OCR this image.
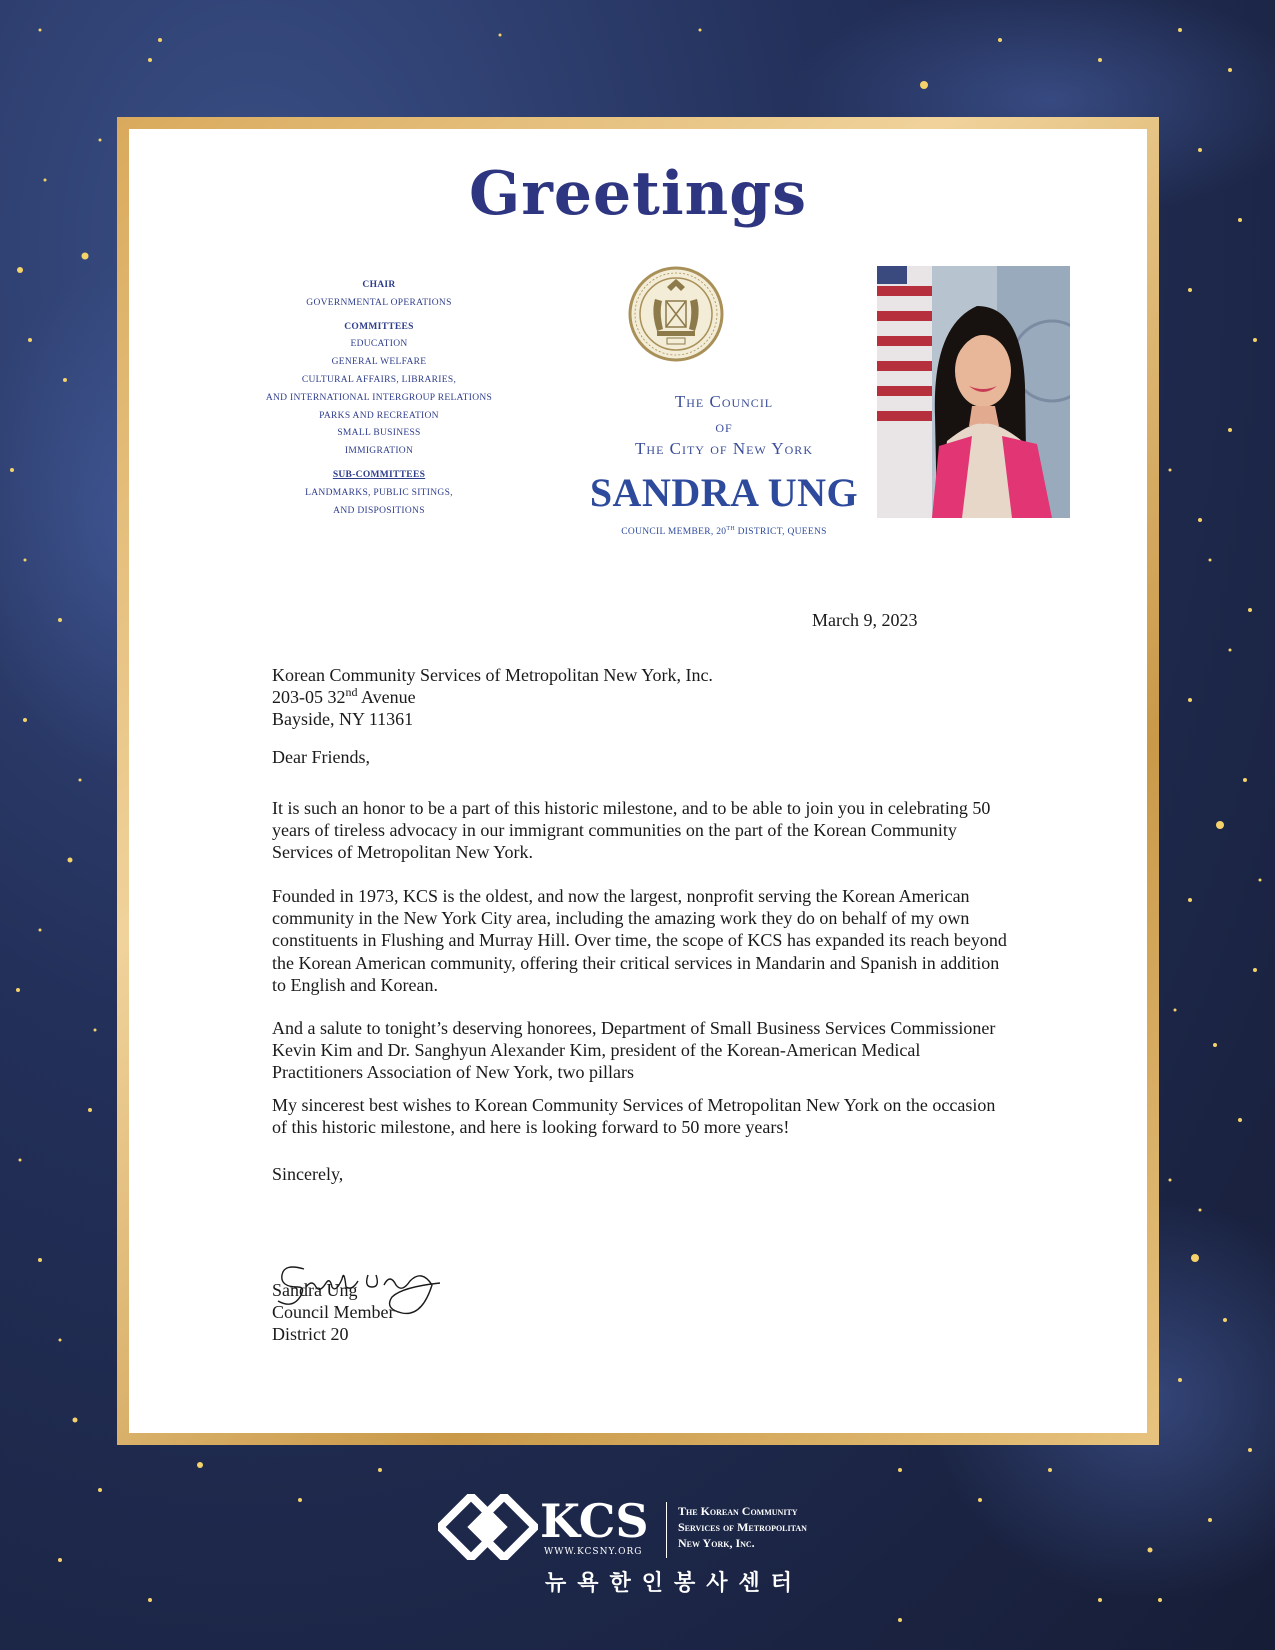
Greetings
CHAIR
GOVERNMENTAL OPERATIONS
COMMITTEES
EDUCATION
GENERAL WELFARE
CULTURAL AFFAIRS, LIBRARIES,
AND INTERNATIONAL INTERGROUP RELATIONS
PARKS AND RECREATION
SMALL BUSINESS
IMMIGRATION
SUB-COMMITTEES
LANDMARKS, PUBLIC SITINGS,
AND DISPOSITIONS
The Council
of
The City of New York
SANDRA UNG
COUNCIL MEMBER, 20TH DISTRICT, QUEENS
March 9, 2023

Korean Community Services of Metropolitan New York, Inc.

203-05 32nd Avenue

Bayside, NY 11361

Dear Friends,
It is such an honor to be a part of this historic milestone, and to be able to join you in celebrating 50 years of tireless advocacy in our immigrant communities on the part of the Korean Community Services of Metropolitan New York.
Founded in 1973, KCS is the oldest, and now the largest, nonprofit serving the Korean American community in the New York City area, including the amazing work they do on behalf of my own constituents in Flushing and Murray Hill. Over time, the scope of KCS has expanded its reach beyond the Korean American community, offering their critical services in Mandarin and Spanish in addition to English and Korean.
And a salute to tonight’s deserving honorees, Department of Small Business Services Commissioner Kevin Kim and Dr. Sanghyun Alexander Kim, president of the Korean-American Medical Practitioners Association of New York, two pillars
My sincerest best wishes to Korean Community Services of Metropolitan New York on the occasion of this historic milestone, and here is looking forward to 50 more years!
Sincerely,

Sandra Ung

Council Member

District 20

KCS
WWW.KCSNY.ORG
The Korean Community
Services of Metropolitan
New York, Inc.
뉴욕한인봉사센터
